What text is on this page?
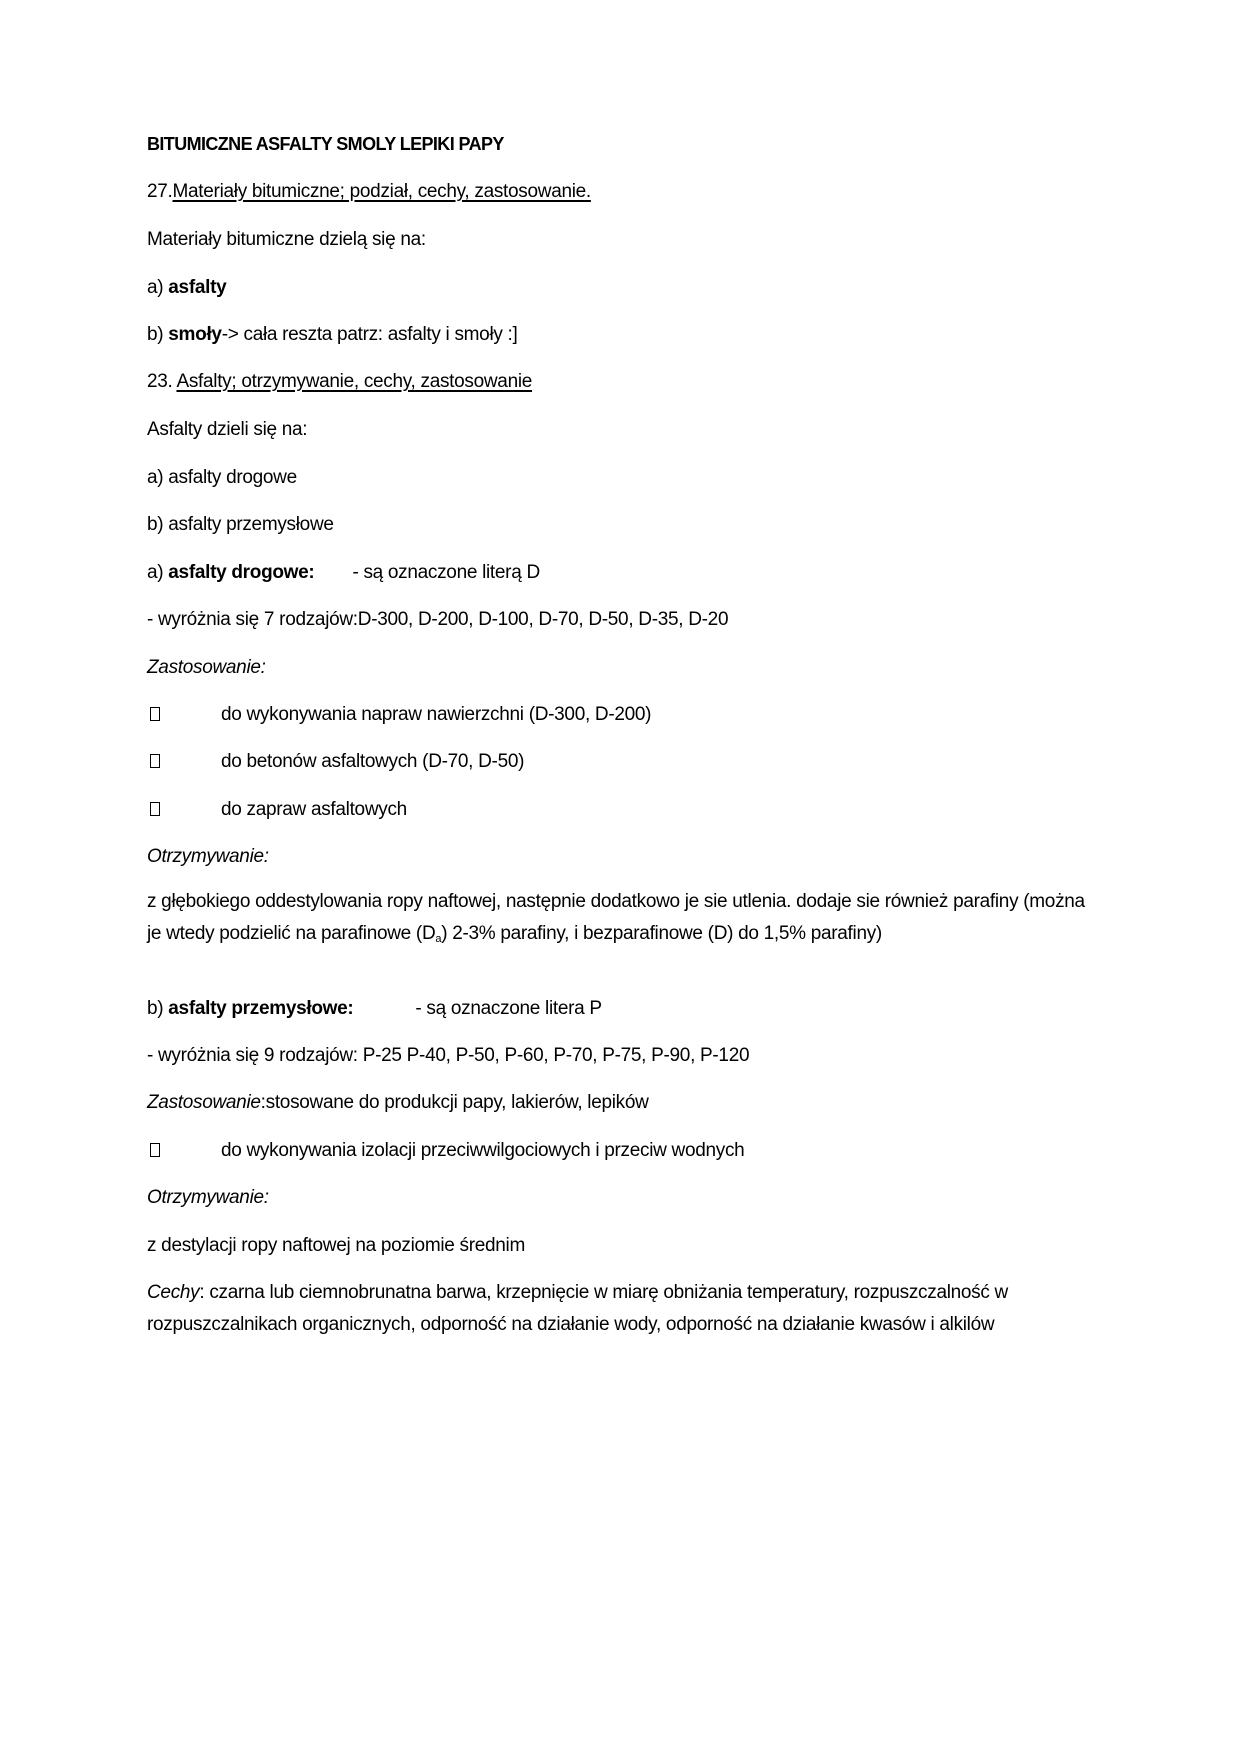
BITUMICZNE ASFALTY SMOLY LEPIKI PAPY
27.Materiały bitumiczne; podział, cechy, zastosowanie.
Materiały bitumiczne dzielą się na:
a) asfalty
b) smoły-> cała reszta patrz: asfalty i smoły :]
23. Asfalty; otrzymywanie, cechy, zastosowanie
Asfalty dzieli się na:
a) asfalty drogowe
b) asfalty przemysłowe
a) asfalty drogowe: - są oznaczone literą D
- wyróżnia się 7 rodzajów:D-300, D-200, D-100, D-70, D-50, D-35, D-20
Zastosowanie:
do wykonywania napraw nawierzchni (D-300, D-200)
do betonów asfaltowych (D-70, D-50)
do zapraw asfaltowych
Otrzymywanie:
z głębokiego oddestylowania ropy naftowej, następnie dodatkowo je sie utlenia. dodaje sie również parafiny (można je wtedy podzielić na parafinowe $(D_a)$ 2-3% parafiny, i bezparafinowe (D) do 1,5% parafiny)
b) asfalty przemysłowe:	- są oznaczone litera P
- wyróżnia się 9 rodzajów: P-25 P-40, P-50, P-60, P-70, P-75, P-90, P-120
Zastosowanie:stosowane do produkcji papy, lakierów, lepików
do wykonywania izolacji przeciwwilgociowych i przeciw wodnych
Otrzymywanie:
z destylacji ropy naftowej na poziomie średnim
Cechy: czarna lub ciemnobrunatna barwa, krzepnięcie w miarę obniżania temperatury, rozpuszczalność w rozpuszczalnikach organicznych, odporność na działanie wody, odporność na działanie kwasów i alkilów
